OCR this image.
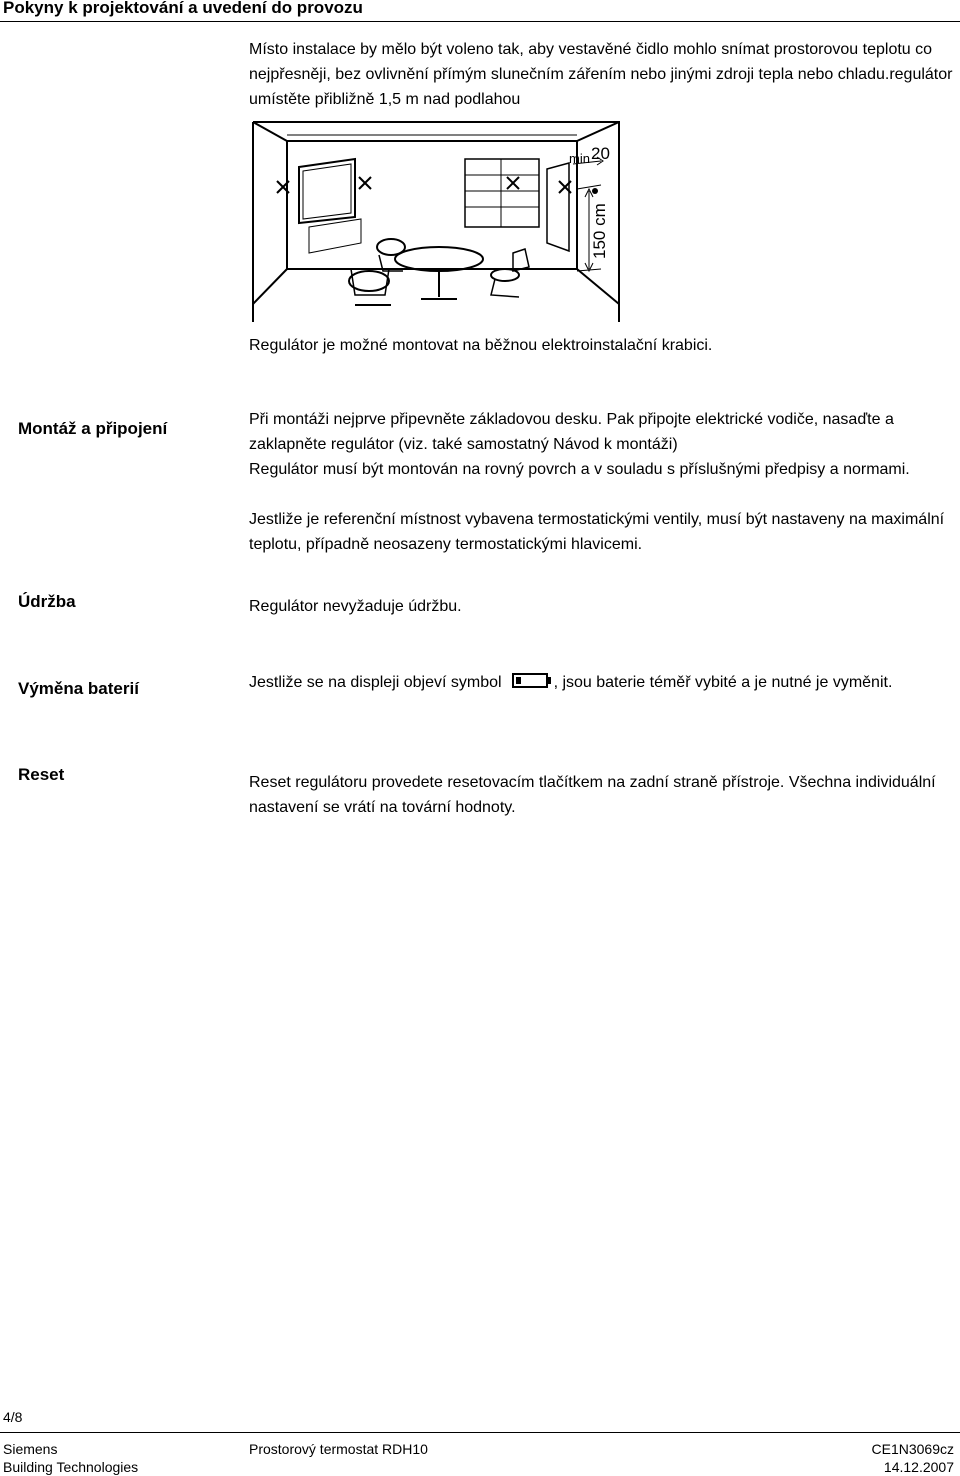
Pokyny k projektování a uvedení do provozu

Místo instalace by mělo být voleno tak, aby vestavěné čidlo mohlo snímat prostorovou teplotu co nejpřesněji, bez ovlivnění přímým slunečním zářením nebo jinými zdroji tepla nebo chladu.regulátor umístěte přibližně 1,5 m nad podlahou

min 20
150 cm

Regulátor je možné montovat na běžnou elektroinstalační krabici.

Montáž a připojení	Při montáži nejprve připevněte základovou desku. Pak připojte elektrické vodiče, nasaďte a zaklapněte regulátor (viz. také samostatný Návod k montáži)

Regulátor musí být montován na rovný povrch a v souladu s příslušnými předpisy a normami.

Jestliže je referenční místnost vybavena termostatickými ventily, musí být nastaveny na maximální teplotu, případně neosazeny termostatickými hlavicemi.

Údržba	Regulátor nevyžaduje údržbu.

Výměna baterií	Jestliže se na displeji objeví symbol	, jsou baterie téměř vybité a je nutné je vyměnit.

Reset	Reset regulátoru provedete resetovacím tlačítkem na zadní straně přístroje. Všechna individuální nastavení se vrátí na tovární hodnoty.

4/8
Siemens
Building Technologies
Prostorový termostat RDH10	CE1N3069cz
14.12.2007
